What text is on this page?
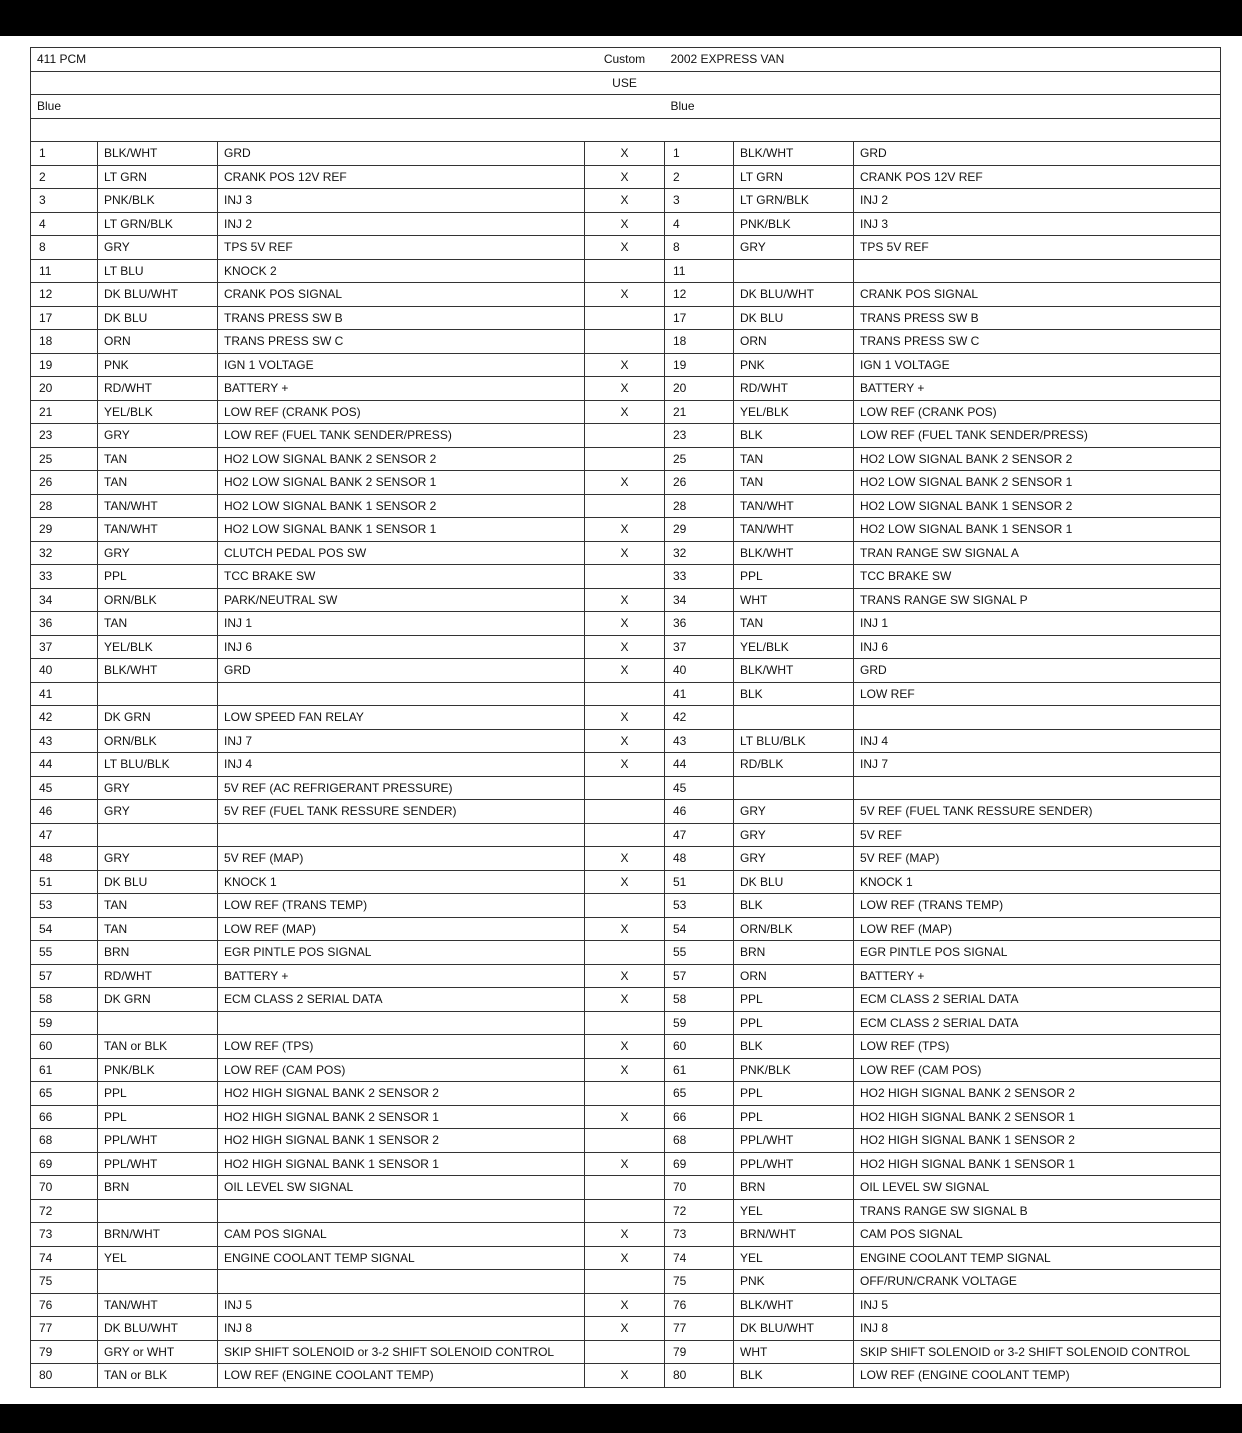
411 PCM			Custom	2002 EXPRESS VAN		
			USE			
Blue				Blue		

1	BLK/WHT	GRD	X	1	BLK/WHT	GRD
2	LT GRN	CRANK POS 12V REF	X	2	LT GRN	CRANK POS 12V REF
3	PNK/BLK	INJ 3	X	3	LT GRN/BLK	INJ 2
4	LT GRN/BLK	INJ 2	X	4	PNK/BLK	INJ 3
8	GRY	TPS 5V REF	X	8	GRY	TPS 5V REF
11	LT BLU	KNOCK 2		11		
12	DK BLU/WHT	CRANK POS SIGNAL	X	12	DK BLU/WHT	CRANK POS SIGNAL
17	DK BLU	TRANS PRESS SW B		17	DK BLU	TRANS PRESS SW B
18	ORN	TRANS PRESS SW C		18	ORN	TRANS PRESS SW C
19	PNK	IGN 1 VOLTAGE	X	19	PNK	IGN 1 VOLTAGE
20	RD/WHT	BATTERY +	X	20	RD/WHT	BATTERY +
21	YEL/BLK	LOW REF (CRANK POS)	X	21	YEL/BLK	LOW REF (CRANK POS)
23	GRY	LOW REF (FUEL TANK SENDER/PRESS)		23	BLK	LOW REF (FUEL TANK SENDER/PRESS)
25	TAN	HO2 LOW SIGNAL BANK 2 SENSOR 2		25	TAN	HO2 LOW SIGNAL BANK 2 SENSOR 2
26	TAN	HO2 LOW SIGNAL BANK 2 SENSOR 1	X	26	TAN	HO2 LOW SIGNAL BANK 2 SENSOR 1
28	TAN/WHT	HO2 LOW SIGNAL BANK 1 SENSOR 2		28	TAN/WHT	HO2 LOW SIGNAL BANK 1 SENSOR 2
29	TAN/WHT	HO2 LOW SIGNAL BANK 1 SENSOR 1	X	29	TAN/WHT	HO2 LOW SIGNAL BANK 1 SENSOR 1
32	GRY	CLUTCH PEDAL POS SW	X	32	BLK/WHT	TRAN RANGE SW SIGNAL A
33	PPL	TCC BRAKE SW		33	PPL	TCC BRAKE SW
34	ORN/BLK	PARK/NEUTRAL SW	X	34	WHT	TRANS RANGE SW SIGNAL P
36	TAN	INJ 1	X	36	TAN	INJ 1
37	YEL/BLK	INJ 6	X	37	YEL/BLK	INJ 6
40	BLK/WHT	GRD	X	40	BLK/WHT	GRD
41				41	BLK	LOW REF
42	DK GRN	LOW SPEED FAN RELAY	X	42		
43	ORN/BLK	INJ 7	X	43	LT BLU/BLK	INJ 4
44	LT BLU/BLK	INJ 4	X	44	RD/BLK	INJ 7
45	GRY	5V REF (AC REFRIGERANT PRESSURE)		45		
46	GRY	5V REF (FUEL TANK RESSURE SENDER)		46	GRY	5V REF (FUEL TANK RESSURE SENDER)
47				47	GRY	5V REF
48	GRY	5V REF (MAP)	X	48	GRY	5V REF (MAP)
51	DK BLU	KNOCK 1	X	51	DK BLU	KNOCK 1
53	TAN	LOW REF (TRANS TEMP)		53	BLK	LOW REF (TRANS TEMP)
54	TAN	LOW REF (MAP)	X	54	ORN/BLK	LOW REF (MAP)
55	BRN	EGR PINTLE POS SIGNAL		55	BRN	EGR PINTLE POS SIGNAL
57	RD/WHT	BATTERY +	X	57	ORN	BATTERY +
58	DK GRN	ECM CLASS 2 SERIAL DATA	X	58	PPL	ECM CLASS 2 SERIAL DATA
59				59	PPL	ECM CLASS 2 SERIAL DATA
60	TAN or BLK	LOW REF (TPS)	X	60	BLK	LOW REF (TPS)
61	PNK/BLK	LOW REF (CAM POS)	X	61	PNK/BLK	LOW REF (CAM POS)
65	PPL	HO2 HIGH SIGNAL BANK 2 SENSOR 2		65	PPL	HO2 HIGH SIGNAL BANK 2 SENSOR 2
66	PPL	HO2 HIGH SIGNAL BANK 2 SENSOR 1	X	66	PPL	HO2 HIGH SIGNAL BANK 2 SENSOR 1
68	PPL/WHT	HO2 HIGH SIGNAL BANK 1 SENSOR 2		68	PPL/WHT	HO2 HIGH SIGNAL BANK 1 SENSOR 2
69	PPL/WHT	HO2 HIGH SIGNAL BANK 1 SENSOR 1	X	69	PPL/WHT	HO2 HIGH SIGNAL BANK 1 SENSOR 1
70	BRN	OIL LEVEL SW SIGNAL		70	BRN	OIL LEVEL SW SIGNAL
72				72	YEL	TRANS RANGE SW SIGNAL B
73	BRN/WHT	CAM POS SIGNAL	X	73	BRN/WHT	CAM POS SIGNAL
74	YEL	ENGINE COOLANT TEMP SIGNAL	X	74	YEL	ENGINE COOLANT TEMP SIGNAL
75				75	PNK	OFF/RUN/CRANK VOLTAGE
76	TAN/WHT	INJ 5	X	76	BLK/WHT	INJ 5
77	DK BLU/WHT	INJ 8	X	77	DK BLU/WHT	INJ 8
79	GRY or WHT	SKIP SHIFT SOLENOID or 3-2 SHIFT SOLENOID CONTROL		79	WHT	SKIP SHIFT SOLENOID or 3-2 SHIFT SOLENOID CONTROL
80	TAN or BLK	LOW REF (ENGINE COOLANT TEMP)	X	80	BLK	LOW REF (ENGINE COOLANT TEMP)
